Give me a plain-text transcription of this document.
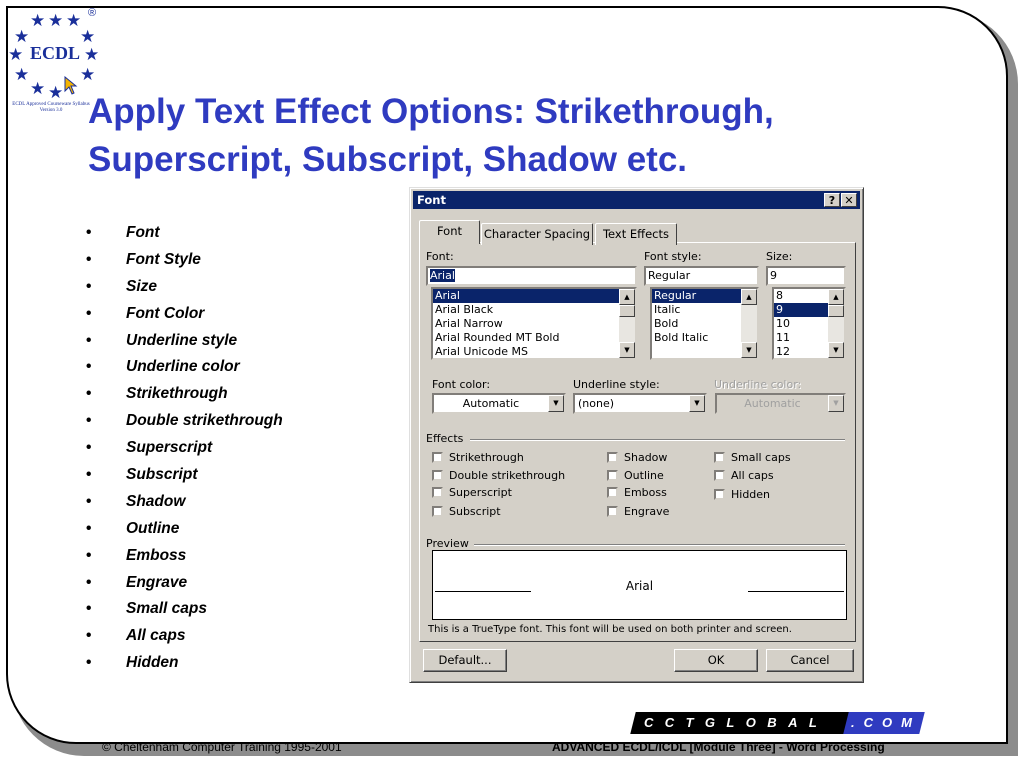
★ ★ ★
★	★
★	★
★	★
★ ★
ECDL
®
ECDL Approved Courseware Syllabus Version 3.0 Apply Text Effect Options: Strikethrough, Superscript, Subscript, Shadow etc.
• Font
• Font Style
• Size
• Font Color
• Underline style
• Underline color
• Strikethrough
• Double strikethrough
• Superscript
• Subscript
• Shadow
• Outline
• Emboss
• Engrave
• Small caps
• All caps
• Hidden
Font	? ✕
Font	Character Spacing	Text Effects
Font:
Arial
Arial
Arial Black
Arial Narrow
Arial Rounded MT Bold
Arial Unicode MS
▲
▼
Font style:
Regular
Regular
Italic
Bold
Bold Italic
▲
▼
Size:
9
8
9
10
11
12
▲
▼
Font color:
Automatic	▼
Underline style:
(none)	▼
Underline color:
Automatic	▼
Effects
Strikethrough
Double strikethrough
Superscript
Subscript
Shadow
Outline
Emboss
Engrave
Small caps
All caps
Hidden
Preview
Arial
This is a TrueType font. This font will be used on both printer and screen.
Default...	OK	Cancel
CCTGLOBAL .COM
© Cheltenham Computer Training 1995-2001	ADVANCED ECDL/ICDL [Module Three] - Word Processing
